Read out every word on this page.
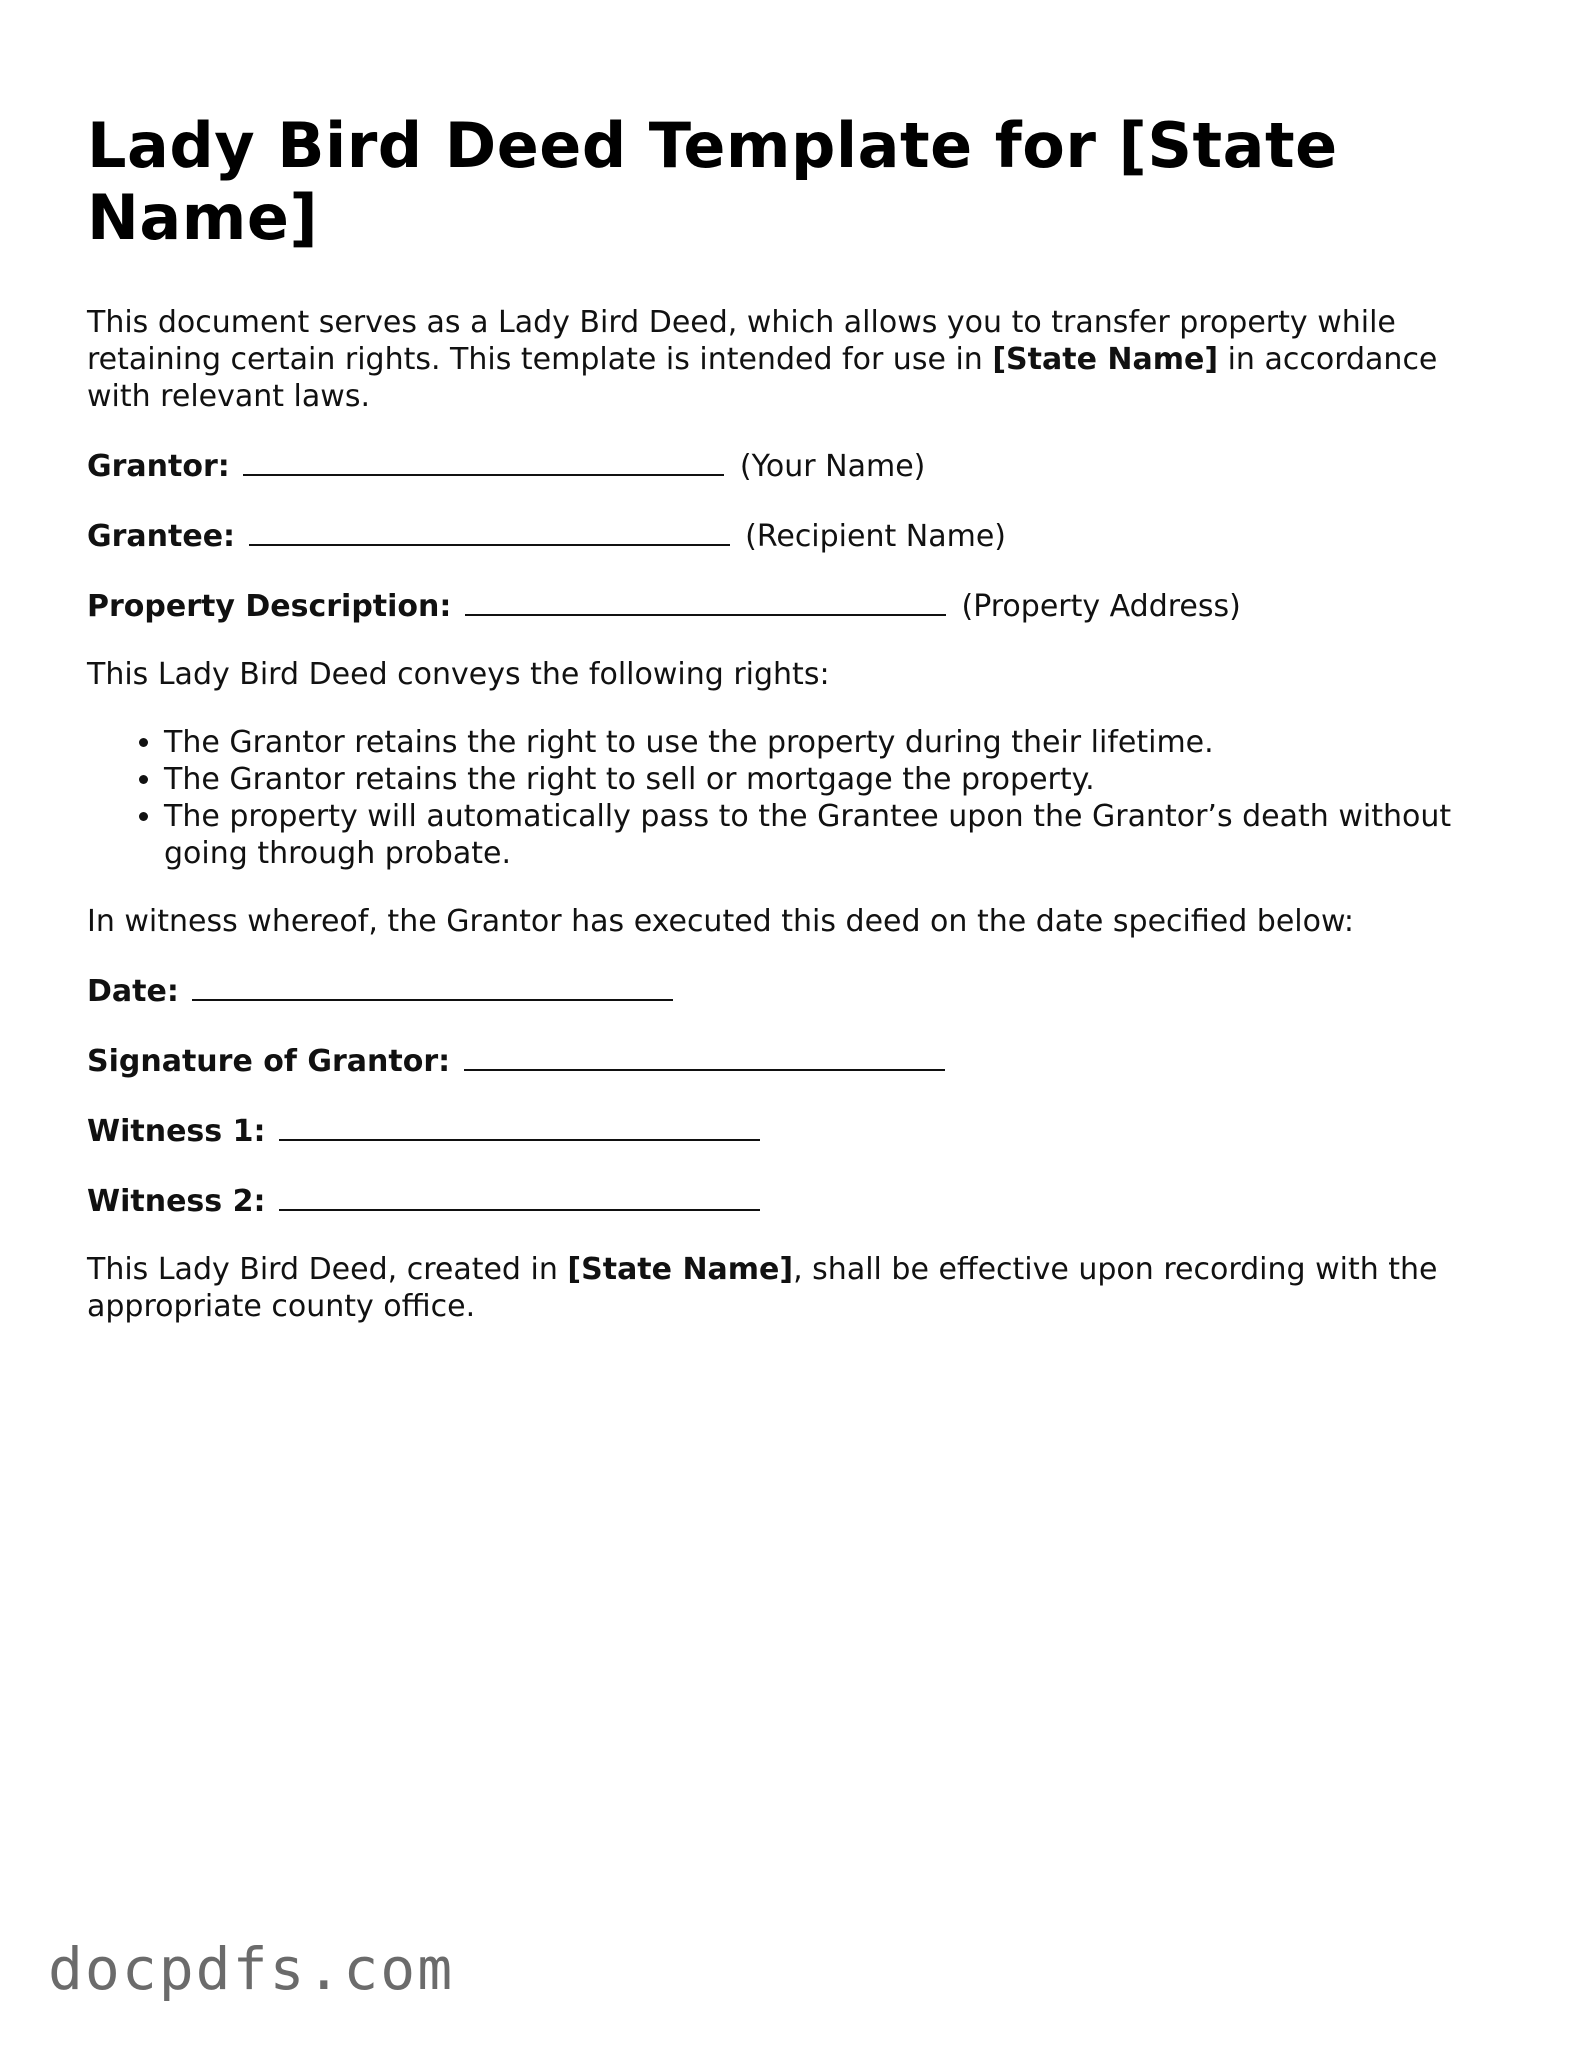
Lady Bird Deed Template for [State Name]

This document serves as a Lady Bird Deed, which allows you to transfer property while retaining certain rights. This template is intended for use in [State Name] in accordance with relevant laws.

Grantor:	(Your Name)
Grantee:	(Recipient Name)
Property Description:	(Property Address)

This Lady Bird Deed conveys the following rights:

• The Grantor retains the right to use the property during their lifetime.
• The Grantor retains the right to sell or mortgage the property.
• The property will automatically pass to the Grantee upon the Grantor’s death without going through probate.

In witness whereof, the Grantor has executed this deed on the date specified below:

Date:
Signature of Grantor:
Witness 1:
Witness 2:

This Lady Bird Deed, created in [State Name], shall be effective upon recording with the appropriate county office.

docpdfs.com
